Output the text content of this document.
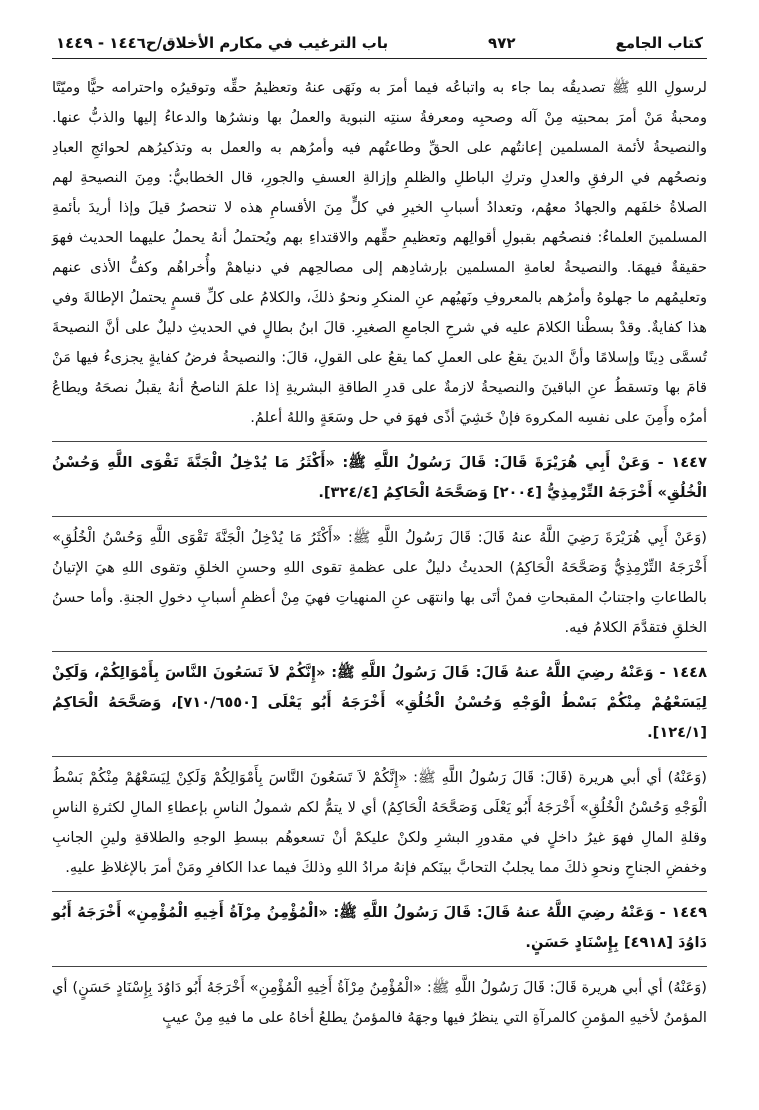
كتاب الجامع
٩٧٢
باب الترغيب في مكارم الأخلاق/ح١٤٤٦ - ١٤٤٩

لرسولِ اللهِ ﷺ تصديقُه بما جاء به واتباعُه فيما أمرَ به ونَهَى عنهُ وتعظيمُ حقِّه وتوقيرُه واحترامه حيًّا وميّتًا ومحبةُ مَنْ أمرَ بمحبتِه مِنْ آله وصحبِه ومعرفةُ سنتِه النبوية والعملُ بها ونشرُها والدعاءُ إليها والذبُّ عنها. والنصيحةُ لأئمة المسلمين إعانتُهم على الحقِّ وطاعتُهم فيه وأمرُهم به والعمل به وتذكيرُهم لحوائجِ العبادِ ونصحُهم في الرفقِ والعدلِ وتركِ الباطلِ والظلمِ وإزالةِ العسفِ والجورِ، قال الخطابيُّ: ومِنَ النصيحةِ لهم الصلاةُ خلفَهم والجهادُ معهُم، وتعدادُ أسبابِ الخيرِ في كلٍّ مِنَ الأقسامِ هذه لا تنحصرُ قيلَ وإذا أريدَ بأئمةِ المسلمينَ العلماءُ: فنصحُهم بقبولِ أقوالِهم وتعظيمِ حقِّهم والاقتداءِ بهم ويُحتملُ أنهُ يحملُ عليهما الحديث فهوَ حقيقةٌ فيهمَا. والنصيحةُ لعامةِ المسلمين بإرشادِهم إلى مصالحِهم في دنياهمْ وأُخراهُم وكفُّ الأذى عنهم وتعليمُهم ما جهلوهُ وأمرُهم بالمعروفِ ونَهيُهم عنِ المنكرِ ونحوُ ذلكَ، والكلامُ على كلِّ قسمٍ يحتملُ الإطالةَ وفي هذا كفايةٌ. وقدْ بسطْنا الكلامَ عليه في شرحِ الجامعِ الصغيرِ. قالَ ابنُ بطالٍ في الحديثِ دليلٌ على أنَّ النصيحةَ تُسمَّى دِينًا وإسلامًا وأنَّ الدينَ يقعُ على العملِ كما يقعُ على القولِ، قالَ: والنصيحةُ فرضُ كفايةٍ يجزىءُ فيها مَنْ قامَ بها وتسقطُ عنِ الباقينَ والنصيحةُ لازمةٌ على قدرِ الطاقةِ البشريةِ إذا علمَ الناصحُ أنهُ يقبلُ نصحَهُ ويطاعُ أمرُه وأَمِنَ على نفسِه المكروهَ فإنْ خَشِيَ أذًى فهوَ في حل وسَعَةٍ واللهُ أعلمُ.

١٤٤٧ - وَعَنْ أَبِي هُرَيْرَةَ قَالَ: قَالَ رَسُولُ اللَّهِ ﷺ: «أَكْثَرُ مَا يُدْخِلُ الْجَنَّةَ تَقْوَى اللَّهِ وَحُسْنُ الْخُلُقِ» أَخْرَجَهُ التِّرْمِذِيُّ [٢٠٠٤] وَصَحَّحَهُ الْحَاكِمُ [٣٢٤/٤].

(وَعَنْ أَبِي هُرَيْرَةَ رَضِيَ اللَّهُ عنهُ قَالَ: قَالَ رَسُولُ اللَّهِ ﷺ: «أَكْثَرُ مَا يُدْخِلُ الْجَنَّةَ تَقْوَى اللَّهِ وَحُسْنُ الْخُلُقِ» أَخْرَجَهُ التِّرْمِذِيُّ وَصَحَّحَهُ الْحَاكِمُ) الحديثُ دليلٌ على عظمةِ تقوى اللهِ وحسنِ الخلقِ وتقوى اللهِ هيَ الإتيانُ بالطاعاتِ واجتنابُ المقبحاتِ فمنْ أتَى بها وانتهَى عنِ المنهياتِ فهيَ مِنْ أعظمِ أسبابِ دخولِ الجنةِ. وأما حسنُ الخلقِ فتقدَّمَ الكلامُ فيه.

١٤٤٨ - وَعَنْهُ رضِيَ اللَّهُ عنهُ قَالَ: قَالَ رَسُولُ اللَّهِ ﷺ: «إِنَّكُمْ لاَ تَسَعُونَ النَّاسَ بِأَمْوَالِكُمْ، وَلَكِنْ لِيَسَعْهُمْ مِنْكُمْ بَسْطُ الْوَجْهِ وَحُسْنُ الْخُلُقِ» أَخْرَجَهُ أَبُو يَعْلَى [٧١٠/٦٥٥٠]، وَصَحَّحَهُ الْحَاكِمُ [١٢٤/١].

(وَعَنْهُ) أي أبي هريرة (قَالَ: قَالَ رَسُولُ اللَّهِ ﷺ: «إِنَّكُمْ لاَ تَسَعُونَ النَّاسَ بِأَمْوَالِكُمْ وَلَكِنْ لِيَسَعْهُمْ مِنْكُمْ بَسْطُ الْوَجْهِ وَحُسْنُ الْخُلُقِ» أَخْرَجَهُ أَبُو يَعْلَى وَصَحَّحَهُ الْحَاكِمُ) أي لا يتمُّ لكم شمولُ الناسِ بإعطاءِ المالِ لكثرةِ الناسِ وقلةِ المالِ فهوَ غيرُ داخلٍ في مقدورِ البشرِ ولكنْ عليكمْ أنْ تسعوهُم ببسطِ الوجهِ والطلاقةِ ولينِ الجانبِ وخفضِ الجناحِ ونحوِ ذلكَ مما يجلبُ التحابَّ بينَكم فإنهُ مرادُ اللهِ وذلكَ فيما عدا الكافرِ ومَنْ أمرَ بالإغلاظِ عليهِ.

١٤٤٩ - وَعَنْهُ رضِيَ اللَّهُ عنهُ قَالَ: قَالَ رَسُولُ اللَّهِ ﷺ: «الْمُؤْمِنُ مِرْآةُ أَخِيهِ الْمُؤْمِنِ» أَخْرَجَهُ أَبُو دَاوُدَ [٤٩١٨] بِإِسْنَادٍ حَسَنٍ.

(وَعَنْهُ) أي أبي هريرة قَالَ: قَالَ رَسُولُ اللَّهِ ﷺ: «الْمُؤْمِنُ مِرْآةُ أَخِيهِ الْمُؤْمِنِ» أَخْرَجَهُ أَبُو دَاوُدَ بِإِسْنَادٍ حَسَنٍ) أي المؤمنُ لأخيهِ المؤمنِ كالمرآةِ التي ينظرُ فيها وجهَهُ فالمؤمنُ يطلعُ أخاهُ على ما فيهِ مِنْ عيبٍ
